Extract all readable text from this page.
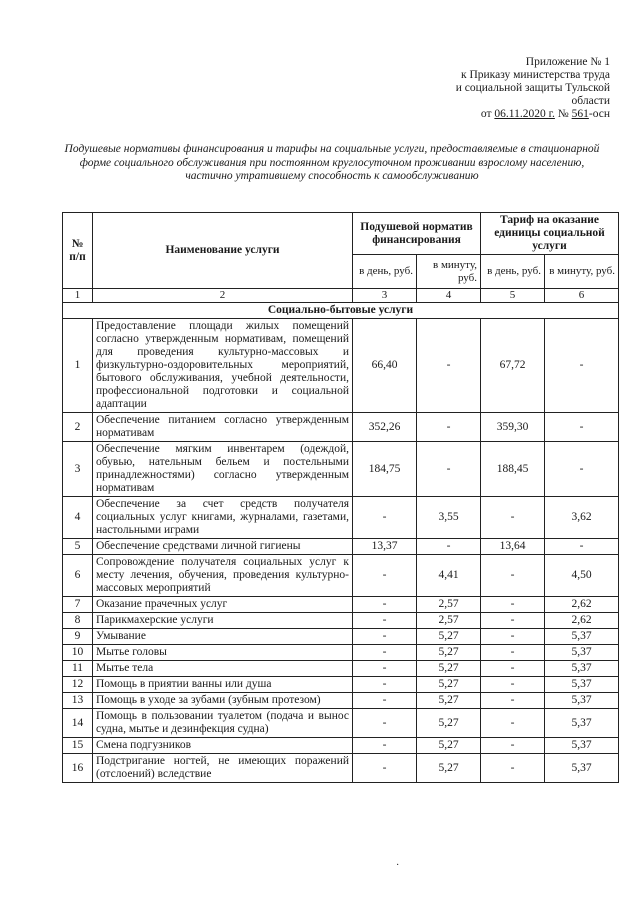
Приложение № 1
к Приказу министерства труда
и социальной защиты Тульской
области
от 06.11.2020 г. № 561-осн
Подушевые нормативы финансирования и тарифы на социальные услуги, предоставляемые в стационарной форме социального обслуживания при постоянном круглосуточном проживании взрослому населению, частично утратившему способность к самообслуживанию
№ п/п	Наименование услуги	Подушевой норматив финансирования		Тариф на оказание единицы социальной услуги	
		в день, руб.	в минуту, руб.	в день, руб.	в минуту, руб.
1	2	3	4	5	6
Социально-бытовые услуги					
1	Предоставление площади жилых помещений согласно утвержденным нормативам, помещений для проведения культурно-массовых и физкультурно-оздоровительных мероприятий, бытового обслуживания, учебной деятельности, профессиональной подготовки и социальной адаптации	66,40	-	67,72	-
2	Обеспечение питанием согласно утвержденным нормативам	352,26	-	359,30	-
3	Обеспечение мягким инвентарем (одеждой, обувью, нательным бельем и постельными принадлежностями) согласно утвержденным нормативам	184,75	-	188,45	-
4	Обеспечение за счет средств получателя социальных услуг книгами, журналами, газетами, настольными играми	-	3,55	-	3,62
5	Обеспечение средствами личной гигиены	13,37	-	13,64	-
6	Сопровождение получателя социальных услуг к месту лечения, обучения, проведения культурно-массовых мероприятий	-	4,41	-	4,50
7	Оказание прачечных услуг	-	2,57	-	2,62
8	Парикмахерские услуги	-	2,57	-	2,62
9	Умывание	-	5,27	-	5,37
10	Мытье головы	-	5,27	-	5,37
11	Мытье тела	-	5,27	-	5,37
12	Помощь в приятии ванны или душа	-	5,27	-	5,37
13	Помощь в уходе за зубами (зубным протезом)	-	5,27	-	5,37
14	Помощь в пользовании туалетом (подача и вынос судна, мытье и дезинфекция судна)	-	5,27	-	5,37
15	Смена подгузников	-	5,27	-	5,37
16	Подстригание ногтей, не имеющих поражений (отслоений) вследствие	-	5,27	-	5,37
·
